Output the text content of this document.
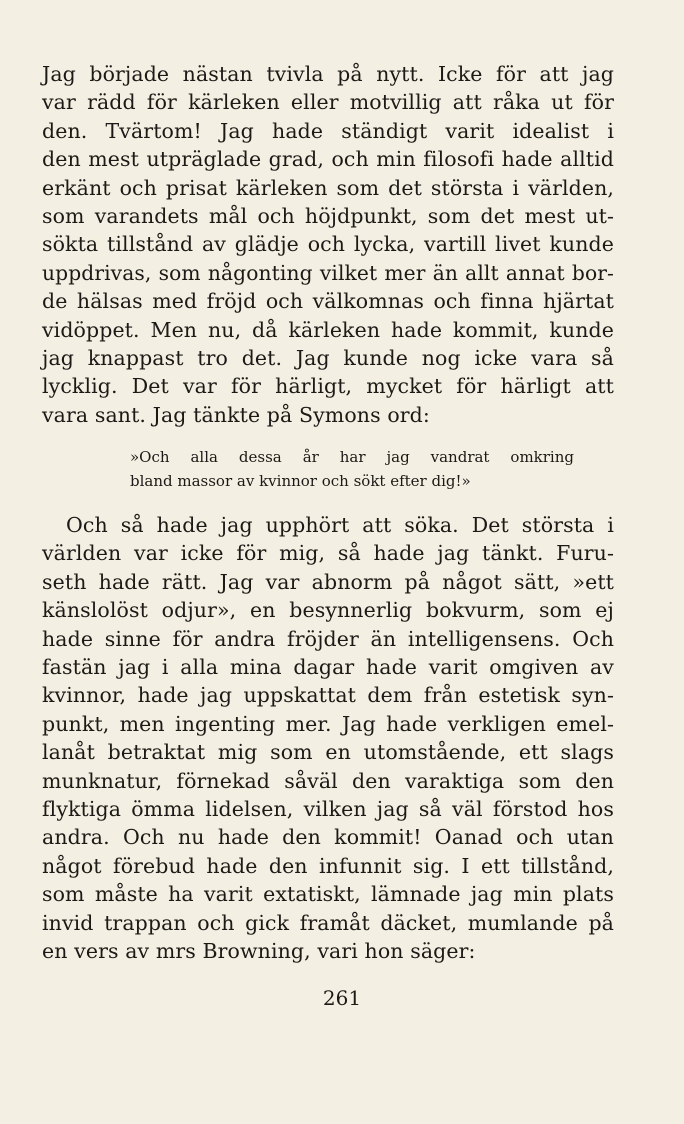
Jag började nästan tvivla på nytt. Icke för att jag
var rädd för kärleken eller motvillig att råka ut för
den. Tvärtom! Jag hade ständigt varit idealist i
den mest utpräglade grad, och min filosofi hade alltid
erkänt och prisat kärleken som det största i världen,
som varandets mål och höjdpunkt, som det mest ut-
sökta tillstånd av glädje och lycka, vartill livet kunde
uppdrivas, som någonting vilket mer än allt annat bor-
de hälsas med fröjd och välkomnas och finna hjärtat
vidöppet. Men nu, då kärleken hade kommit, kunde
jag knappast tro det. Jag kunde nog icke vara så
lycklig. Det var för härligt, mycket för härligt att
vara sant. Jag tänkte på Symons ord:
»Och alla dessa år har jag vandrat omkring
bland massor av kvinnor och sökt efter dig!»
Och så hade jag upphört att söka. Det största i
världen var icke för mig, så hade jag tänkt. Furu-
seth hade rätt. Jag var abnorm på något sätt, »ett
känslolöst odjur», en besynnerlig bokvurm, som ej
hade sinne för andra fröjder än intelligensens. Och
fastän jag i alla mina dagar hade varit omgiven av
kvinnor, hade jag uppskattat dem från estetisk syn-
punkt, men ingenting mer. Jag hade verkligen emel-
lanåt betraktat mig som en utomstående, ett slags
munknatur, förnekad såväl den varaktiga som den
flyktiga ömma lidelsen, vilken jag så väl förstod hos
andra. Och nu hade den kommit! Oanad och utan
något förebud hade den infunnit sig. I ett tillstånd,
som måste ha varit extatiskt, lämnade jag min plats
invid trappan och gick framåt däcket, mumlande på
en vers av mrs Browning, vari hon säger:
261
